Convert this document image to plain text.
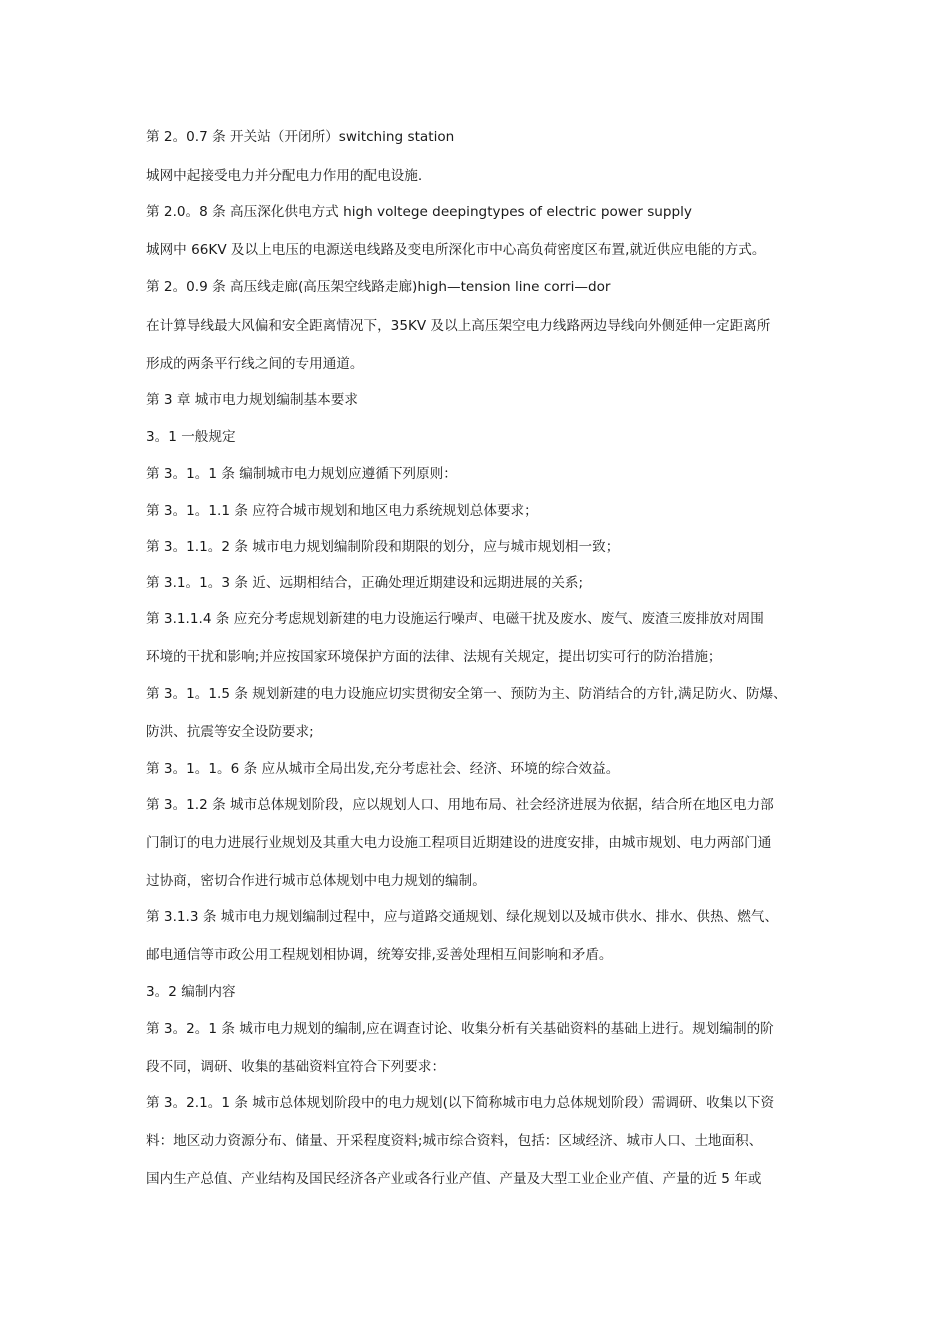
第 2。0.7 条 开关站（开闭所）switching station
城网中起接受电力并分配电力作用的配电设施.
第 2.0。8 条 高压深化供电方式 high voltege deepingtypes of electric power supply
城网中 66KV 及以上电压的电源送电线路及变电所深化市中心高负荷密度区布置,就近供应电能的方式。
第 2。0.9 条 高压线走廊(高压架空线路走廊)high—tension line corri—dor
在计算导线最大风偏和安全距离情况下，35KV 及以上高压架空电力线路两边导线向外侧延伸一定距离所
形成的两条平行线之间的专用通道。
第 3 章 城市电力规划编制基本要求
3。1 一般规定
第 3。1。1 条 编制城市电力规划应遵循下列原则：
第 3。1。1.1 条 应符合城市规划和地区电力系统规划总体要求；
第 3。1.1。2 条 城市电力规划编制阶段和期限的划分，应与城市规划相一致；
第 3.1。1。3 条 近、远期相结合，正确处理近期建设和远期进展的关系;
第 3.1.1.4 条 应充分考虑规划新建的电力设施运行噪声、电磁干扰及废水、废气、废渣三废排放对周围
环境的干扰和影响;并应按国家环境保护方面的法律、法规有关规定，提出切实可行的防治措施；
第 3。1。1.5 条 规划新建的电力设施应切实贯彻安全第一、预防为主、防消结合的方针,满足防火、防爆、
防洪、抗震等安全设防要求;
第 3。1。1。6 条 应从城市全局出发,充分考虑社会、经济、环境的综合效益。
第 3。1.2 条 城市总体规划阶段，应以规划人口、用地布局、社会经济进展为依据，结合所在地区电力部
门制订的电力进展行业规划及其重大电力设施工程项目近期建设的进度安排，由城市规划、电力两部门通
过协商，密切合作进行城市总体规划中电力规划的编制。
第 3.1.3 条 城市电力规划编制过程中，应与道路交通规划、绿化规划以及城市供水、排水、供热、燃气、
邮电通信等市政公用工程规划相协调，统筹安排,妥善处理相互间影响和矛盾。
3。2 编制内容
第 3。2。1 条 城市电力规划的编制,应在调查讨论、收集分析有关基础资料的基础上进行。规划编制的阶
段不同，调研、收集的基础资料宜符合下列要求：
第 3。2.1。1 条 城市总体规划阶段中的电力规划(以下简称城市电力总体规划阶段）需调研、收集以下资
料：地区动力资源分布、储量、开采程度资料;城市综合资料，包括：区域经济、城市人口、土地面积、
国内生产总值、产业结构及国民经济各产业或各行业产值、产量及大型工业企业产值、产量的近 5 年或
